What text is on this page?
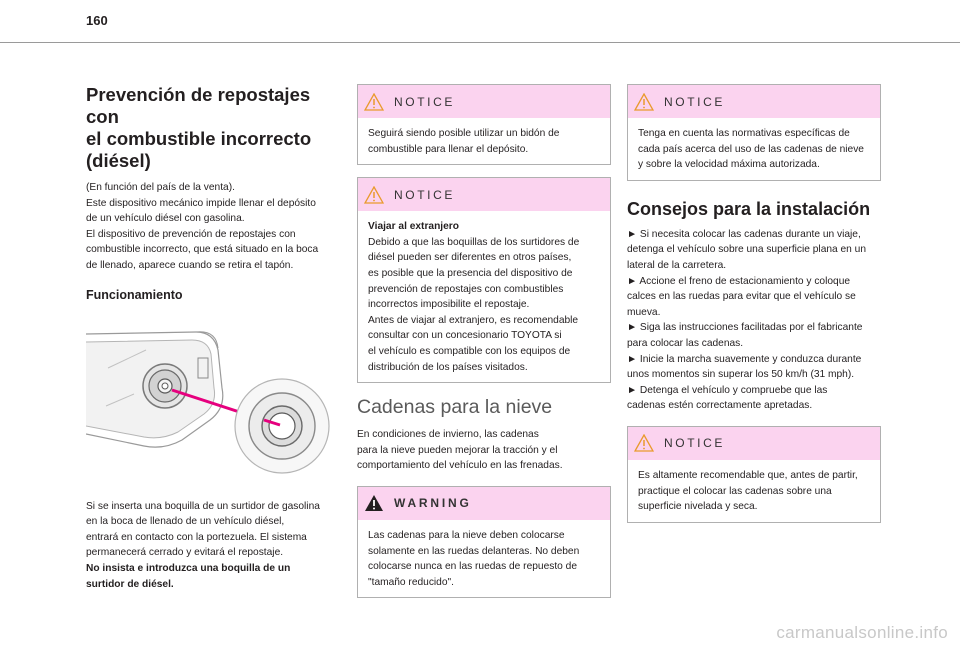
160
Prevención de repostajes con
el combustible incorrecto
(diésel)
(En función del país de la venta).
Este dispositivo mecánico impide llenar el depósito
de un vehículo diésel con gasolina.
El dispositivo de prevención de repostajes con
combustible incorrecto, que está situado en la boca
de llenado, aparece cuando se retira el tapón.
Funcionamiento
Si se inserta una boquilla de un surtidor de gasolina
en la boca de llenado de un vehículo diésel,
entrará en contacto con la portezuela. El sistema
permanecerá cerrado y evitará el repostaje.
No insista e introduzca una boquilla de un
surtidor de diésel.
NOTICE
Seguirá siendo posible utilizar un bidón de
combustible para llenar el depósito.
NOTICE
Viajar al extranjero
Debido a que las boquillas de los surtidores de
diésel pueden ser diferentes en otros países,
es posible que la presencia del dispositivo de
prevención de repostajes con combustibles
incorrectos imposibilite el repostaje.
Antes de viajar al extranjero, es recomendable
consultar con un concesionario TOYOTA si
el vehículo es compatible con los equipos de
distribución de los países visitados.
Cadenas para la nieve
En condiciones de invierno, las cadenas
para la nieve pueden mejorar la tracción y el
comportamiento del vehículo en las frenadas.
WARNING
Las cadenas para la nieve deben colocarse
solamente en las ruedas delanteras. No deben
colocarse nunca en las ruedas de repuesto de
"tamaño reducido".
NOTICE
Tenga en cuenta las normativas específicas de
cada país acerca del uso de las cadenas de nieve
y sobre la velocidad máxima autorizada.
Consejos para la instalación
► Si necesita colocar las cadenas durante un viaje,
detenga el vehículo sobre una superficie plana en un
lateral de la carretera.
► Accione el freno de estacionamiento y coloque
calces en las ruedas para evitar que el vehículo se
mueva.
► Siga las instrucciones facilitadas por el fabricante
para colocar las cadenas.
► Inicie la marcha suavemente y conduzca durante
unos momentos sin superar los 50 km/h (31 mph).
► Detenga el vehículo y compruebe que las
cadenas estén correctamente apretadas.
NOTICE
Es altamente recomendable que, antes de partir,
practique el colocar las cadenas sobre una
superficie nivelada y seca.
carmanualsonline.info
